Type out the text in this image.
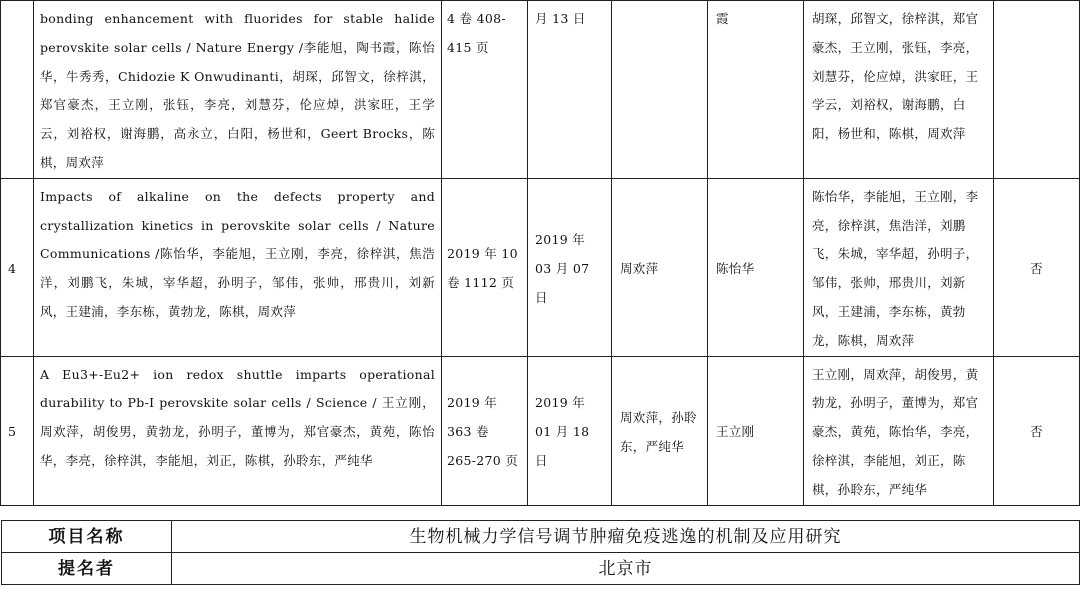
	bonding enhancement with fluorides for stable halide perovskite solar cells / Nature Energy /李能旭，陶书霞，陈怡华，牛秀秀，Chidozie K Onwudinanti，胡琛，邱智文，徐梓淇，郑官豪杰，王立刚，张钰，李亮，刘慧芬，伦应焯，洪家旺，王学云，刘裕权，谢海鹏，高永立，白阳，杨世和，Geert Brocks，陈棋，周欢萍	4 卷 408-415 页	月 13 日		霞	胡琛，邱智文，徐梓淇，郑官豪杰，王立刚，张钰，李亮，刘慧芬，伦应焯，洪家旺，王学云，刘裕权，谢海鹏，白阳，杨世和，陈棋，周欢萍	
4	Impacts of alkaline on the defects property and crystallization kinetics in perovskite solar cells / Nature Communications /陈怡华，李能旭，王立刚，李亮，徐梓淇，焦浩洋，刘鹏飞，朱城，宰华超，孙明子，邹伟，张帅，邢贵川，刘新风，王建浦，李东栋，黄勃龙，陈棋，周欢萍	2019 年 10 卷 1112 页	2019 年 03 月 07 日	周欢萍	陈怡华	陈怡华，李能旭，王立刚，李亮，徐梓淇，焦浩洋，刘鹏飞，朱城，宰华超，孙明子，邹伟，张帅，邢贵川，刘新风，王建浦，李东栋，黄勃龙，陈棋，周欢萍	否
5	A Eu3+-Eu2+ ion redox shuttle imparts operational durability to Pb-I perovskite solar cells / Science / 王立刚，周欢萍，胡俊男，黄勃龙，孙明子，董博为，郑官豪杰，黄苑，陈怡华，李亮，徐梓淇，李能旭，刘正，陈棋，孙聆东，严纯华	2019 年 363 卷 265-270 页	2019 年 01 月 18 日	周欢萍，孙聆东，严纯华	王立刚	王立刚，周欢萍，胡俊男，黄勃龙，孙明子，董博为，郑官豪杰，黄苑，陈怡华，李亮，徐梓淇，李能旭，刘正，陈棋，孙聆东，严纯华	否
项目名称	生物机械力学信号调节肿瘤免疫逃逸的机制及应用研究
提名者	北京市
